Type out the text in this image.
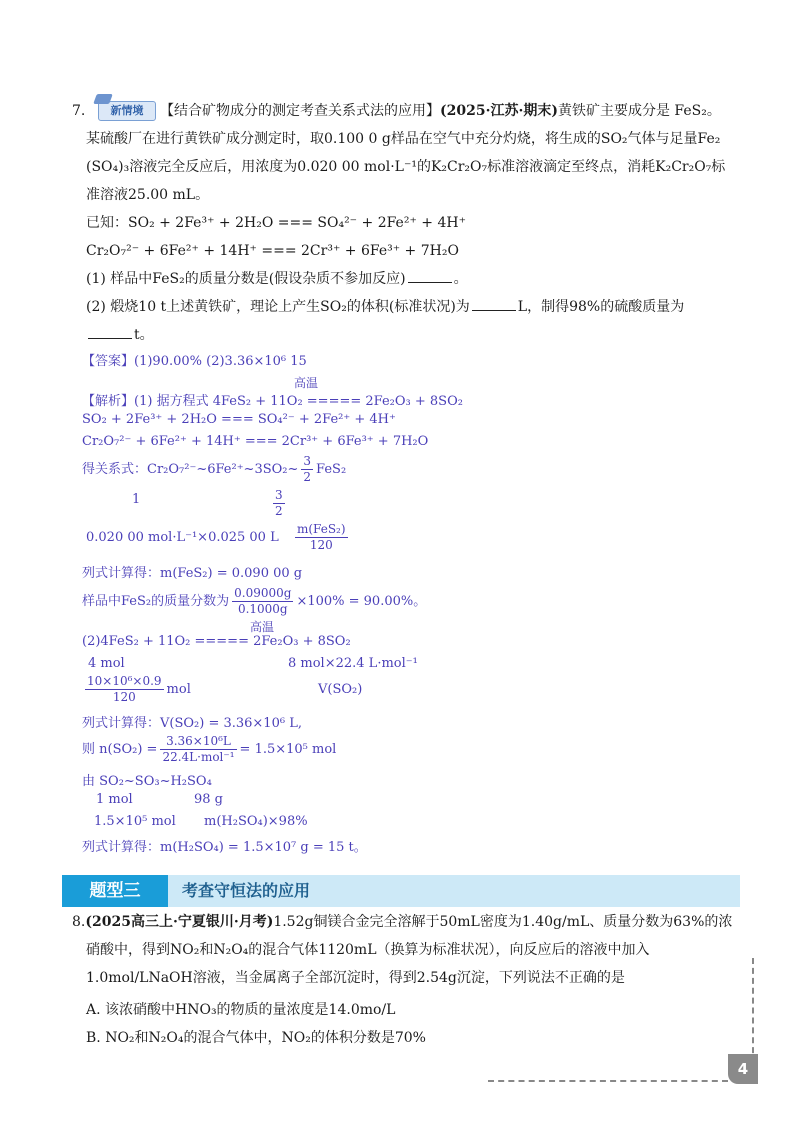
7. 新情境 【结合矿物成分的测定考查关系式法的应用】(2025·江苏·期末)黄铁矿主要成分是 FeS₂。
某硫酸厂在进行黄铁矿成分测定时，取0.100 0 g样品在空气中充分灼烧，将生成的SO₂气体与足量Fe₂
(SO₄)₃溶液完全反应后，用浓度为0.020 00 mol·L⁻¹的K₂Cr₂O₇标准溶液滴定至终点，消耗K₂Cr₂O₇标
准溶液25.00 mL。
已知：SO₂ + 2Fe³⁺ + 2H₂O === SO₄²⁻ + 2Fe²⁺ + 4H⁺
Cr₂O₇²⁻ + 6Fe²⁺ + 14H⁺ === 2Cr³⁺ + 6Fe³⁺ + 7H₂O
(1) 样品中FeS₂的质量分数是(假设杂质不参加反应)	。
(2) 煅烧10 t上述黄铁矿，理论上产生SO₂的体积(标准状况)为	L，制得98%的硫酸质量为
t。
【答案】(1)90.00% (2)3.36×10⁶ 15
高温
【解析】(1) 据方程式 4FeS₂ + 11O₂ ===== 2Fe₂O₃ + 8SO₂
SO₂ + 2Fe³⁺ + 2H₂O === SO₄²⁻ + 2Fe²⁺ + 4H⁺
Cr₂O₇²⁻ + 6Fe²⁺ + 14H⁺ === 2Cr³⁺ + 6Fe³⁺ + 7H₂O
得关系式：Cr₂O₇²⁻~6Fe²⁺~3SO₂~ $\frac{3}{2} FeS_2$
1	$\frac{3}{2}$
0.020 00 mol·L⁻¹×0.025 00 L $\frac{\text{m(FeS₂)}}{120}$
列式计算得：m(FeS₂) = 0.090 00 g
样品中FeS₂的质量分数为 $\frac{0.09000g}{0.1000g} \times 100\% = 90.00\%$。
高温
(2)4FeS₂ + 11O₂ ===== 2Fe₂O₃ + 8SO₂
4 mol	8 mol×22.4 L·mol⁻¹
$\frac{\text{10×10⁶×0.9}}{120}$ mol	V(SO₂)
列式计算得：V(SO₂) = 3.36×10⁶ L,
则 $n(SO_2) = \frac{\text{3.36×10⁶L}}{\text{22.4L·mol⁻¹}} = 1.5\times 10^5$ mol
由 SO₂~SO₃~H₂SO₄
1 mol	98 g
1.5×10⁵ mol m(H₂SO₄)×98%
列式计算得：m(H₂SO₄) = 1.5×10⁷ g = 15 t。
题型三	考查守恒法的应用
8.(2025高三上·宁夏银川·月考)1.52g铜镁合金完全溶解于50mL密度为1.40g/mL、质量分数为63%的浓
硝酸中，得到NO₂和N₂O₄的混合气体1120mL（换算为标准状况），向反应后的溶液中加入
1.0mol/LNaOH溶液，当金属离子全部沉淀时，得到2.54g沉淀，下列说法不正确的是
A. 该浓硝酸中HNO₃的物质的量浓度是14.0mo/L
B. NO₂和N₂O₄的混合气体中，NO₂的体积分数是70%
4
